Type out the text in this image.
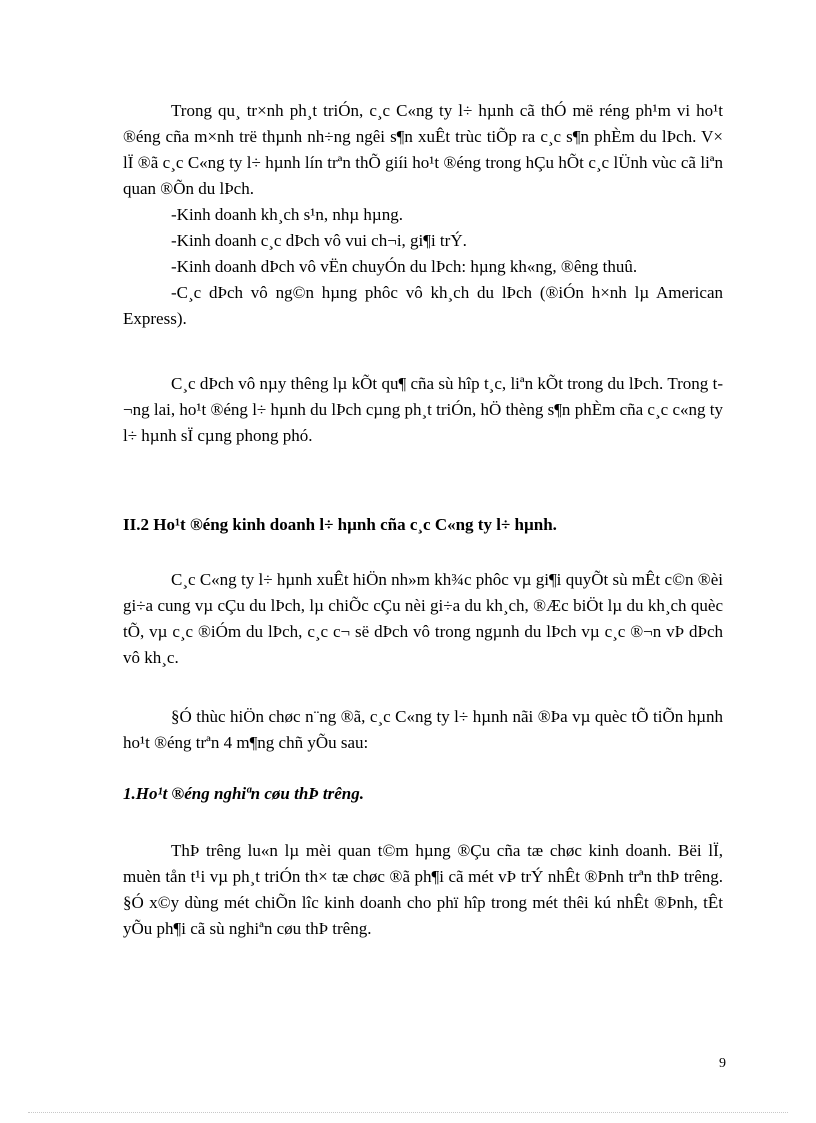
Trong qu¸ tr×nh ph¸t triÓn, c¸c C«ng ty l÷ hµnh cã thÓ më réng ph¹m vi ho¹t ®éng cña m×nh trë thµnh nh÷ng ngêi s¶n xuÊt trùc tiÕp ra c¸c s¶n phÈm du lÞch. V× lÏ ®ã c¸c C«ng ty l÷ hµnh lín trªn thÕ giíi ho¹t ®éng trong hÇu hÕt c¸c lÜnh vùc cã liªn quan ®Õn du lÞch.

-Kinh doanh kh¸ch s¹n, nhµ hµng.

-Kinh doanh c¸c dÞch vô vui ch¬i, gi¶i trÝ.

-Kinh doanh dÞch vô vËn chuyÓn du lÞch: hµng kh«ng, ®êng thuû.

-C¸c dÞch vô ng©n hµng phôc vô kh¸ch du lÞch (®iÓn h×nh lµ American Express).

C¸c dÞch vô nµy thêng lµ kÕt qu¶ cña sù hîp t¸c, liªn kÕt trong du lÞch. Trong t¬ng lai, ho¹t ®éng l÷ hµnh du lÞch cµng ph¸t triÓn, hÖ thèng s¶n phÈm cña c¸c c«ng ty l÷ hµnh sÏ cµng phong phó.

II.2 Ho¹t ®éng kinh doanh l÷ hµnh cña c¸c C«ng ty l÷ hµnh.

C¸c C«ng ty l÷ hµnh xuÊt hiÖn nh»m kh¾c phôc vµ gi¶i quyÕt sù mÊt c©n ®èi gi÷a cung vµ cÇu du lÞch, lµ chiÕc cÇu nèi gi÷a du kh¸ch, ®Æc biÖt lµ du kh¸ch quèc tÕ, vµ c¸c ®iÓm du lÞch, c¸c c¬ së dÞch vô trong ngµnh du lÞch vµ c¸c ®¬n vÞ dÞch vô kh¸c.

§Ó thùc hiÖn chøc n¨ng ®ã, c¸c C«ng ty l÷ hµnh nãi ®Þa vµ quèc tÕ tiÕn hµnh ho¹t ®éng trªn 4 m¶ng chñ yÕu sau:

1.Ho¹t ®éng nghiªn cøu thÞ trêng.

ThÞ trêng lu«n lµ mèi quan t©m hµng ®Çu cña tæ chøc kinh doanh. Bëi lÏ, muèn tån t¹i vµ ph¸t triÓn th× tæ chøc ®ã ph¶i cã mét vÞ trÝ nhÊt ®Þnh trªn thÞ trêng. §Ó x©y dùng mét chiÕn lîc kinh doanh cho phï hîp trong mét thêi kú nhÊt ®Þnh, tÊt yÕu ph¶i cã sù nghiªn cøu thÞ trêng.

9
